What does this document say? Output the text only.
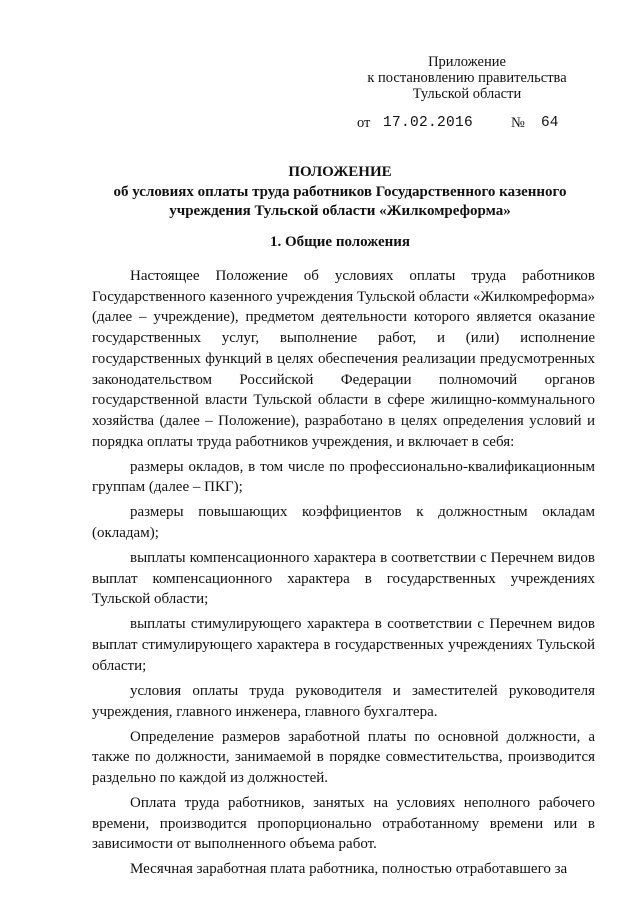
Приложение
к постановлению правительства
Тульской области
от 17.02.2016	№ 64
ПОЛОЖЕНИЕ
об условиях оплаты труда работников Государственного казенного
учреждения Тульской области «Жилкомреформа»
1. Общие положения

Настоящее Положение об условиях оплаты труда работников Государственного казенного учреждения Тульской области «Жилкомреформа» (далее – учреждение), предметом деятельности которого является оказание государственных услуг, выполнение работ, и (или) исполнение государственных функций в целях обеспечения реализации предусмотренных законодательством Российской Федерации полномочий органов государственной власти Тульской области в сфере жилищно-коммунального хозяйства (далее – Положение), разработано в целях определения условий и порядка оплаты труда работников учреждения, и включает в себя:

размеры окладов, в том числе по профессионально-квалификационным группам (далее – ПКГ);

размеры повышающих коэффициентов к должностным окладам (окладам);

выплаты компенсационного характера в соответствии с Перечнем видов выплат компенсационного характера в государственных учреждениях Тульской области;

выплаты стимулирующего характера в соответствии с Перечнем видов выплат стимулирующего характера в государственных учреждениях Тульской области;

условия оплаты труда руководителя и заместителей руководителя учреждения, главного инженера, главного бухгалтера.

Определение размеров заработной платы по основной должности, а также по должности, занимаемой в порядке совместительства, производится раздельно по каждой из должностей.

Оплата труда работников, занятых на условиях неполного рабочего времени, производится пропорционально отработанному времени или в зависимости от выполненного объема работ.

Месячная заработная плата работника, полностью отработавшего за
